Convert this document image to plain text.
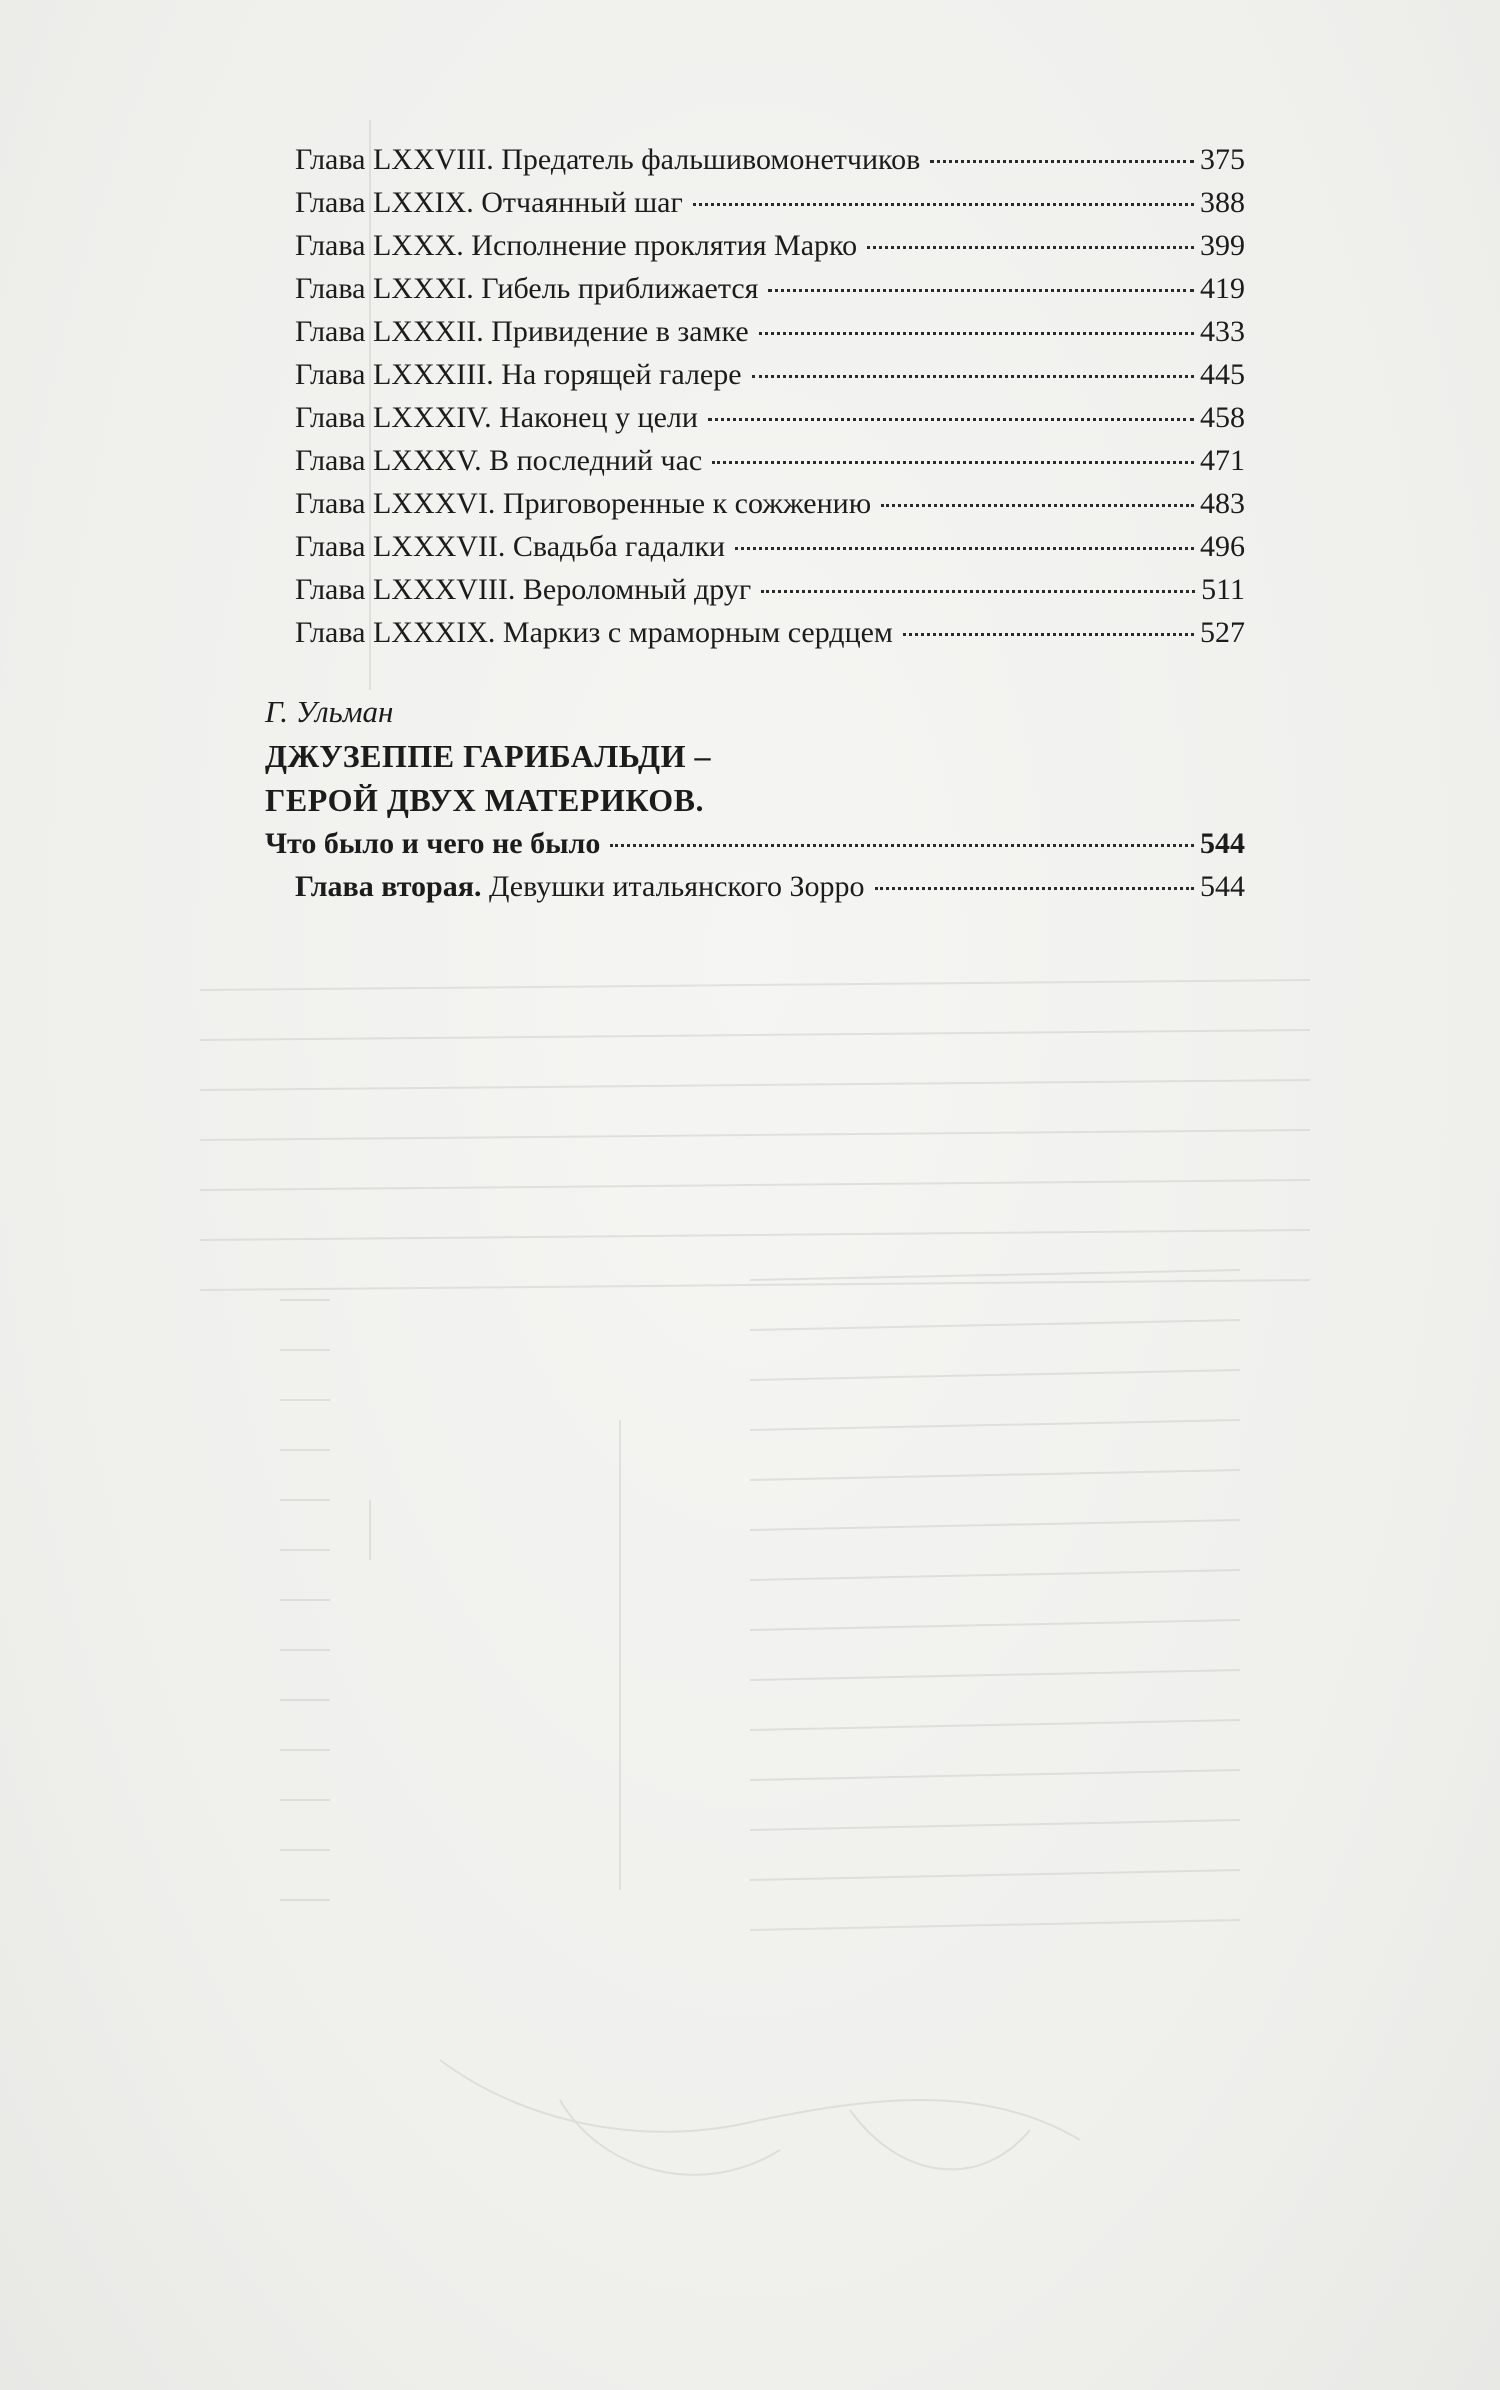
Глава LXXVIII. Предатель фальшивомонетчиков	375
Глава LXXIX. Отчаянный шаг	388
Глава LXXX. Исполнение проклятия Марко	399
Глава LXXXI. Гибель приближается	419
Глава LXXXII. Привидение в замке	433
Глава LXXXIII. На горящей галере	445
Глава LXXXIV. Наконец у цели	458
Глава LXXXV. В последний час	471
Глава LXXXVI. Приговоренные к сожжению	483
Глава LXXXVII. Свадьба гадалки	496
Глава LXXXVIII. Вероломный друг	511
Глава LXXXIX. Маркиз с мраморным сердцем	527
Г. Ульман
ДЖУЗЕППЕ ГАРИБАЛЬДИ –
ГЕРОЙ ДВУХ МАТЕРИКОВ.
Что было и чего не было	544
Глава вторая. Девушки итальянского Зорро	544
